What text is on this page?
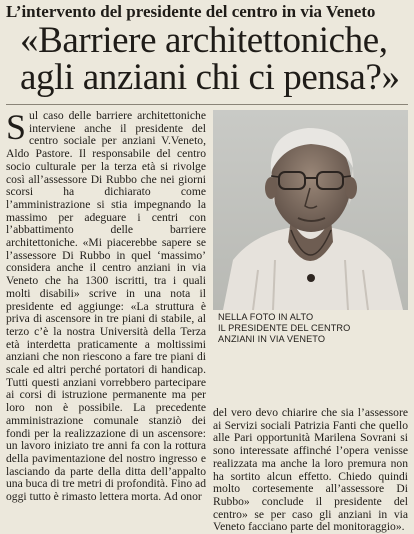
L’intervento del presidente del centro in via Veneto
«Barriere architettoniche,
agli anziani chi ci pensa?»
S ul caso delle barriere architettoniche interviene anche il presidente del centro sociale per anziani V.Veneto, Aldo Pastore. Il responsabile del centro socio culturale per la terza età si rivolge così all’assessore Di Rubbo che nei giorni scorsi ha dichiarato come l’amministrazione si stia impegnando la massimo per adeguare i centri con l’abbattimento delle barriere architettoniche. «Mi piacerebbe sapere se l’assessore Di Rubbo in quel ‘massimo’ considera anche il centro anziani in via Veneto che ha 1300 iscritti, tra i quali molti disabili» scrive in una nota il presidente ed aggiunge: «La struttura è priva di ascensore in tre piani di stabile, al terzo c’è la nostra Università della Terza età interdetta praticamente a moltissimi anziani che non riescono a fare tre piani di scale ed altri perché portatori di handicap. Tutti questi anziani vorrebbero partecipare ai corsi di istruzione permanente ma per loro non è possibile. La precedente amministrazione comunale stanziò dei fondi per la realizzazione di un ascensore: un lavoro iniziato tre anni fa con la rottura della pavimentazione del nostro ingresso e lasciando da parte della ditta dell’appalto una buca di tre metri di profondità. Fino ad oggi tutto è rimasto lettera morta. Ad onor
NELLA FOTO IN ALTO
IL PRESIDENTE DEL CENTRO
ANZIANI IN VIA VENETO
del vero devo chiarire che sia l’assessore ai Servizi sociali Patrizia Fanti che quello alle Pari opportunità Marilena Sovrani si sono interessate affinché l’opera venisse realizzata ma anche la loro premura non ha sortito alcun effetto. Chiedo quindi molto cortesemente all’assessore Di Rubbo» conclude il presidente del centro» se per caso gli anziani in via Veneto facciano parte del monitoraggio».
